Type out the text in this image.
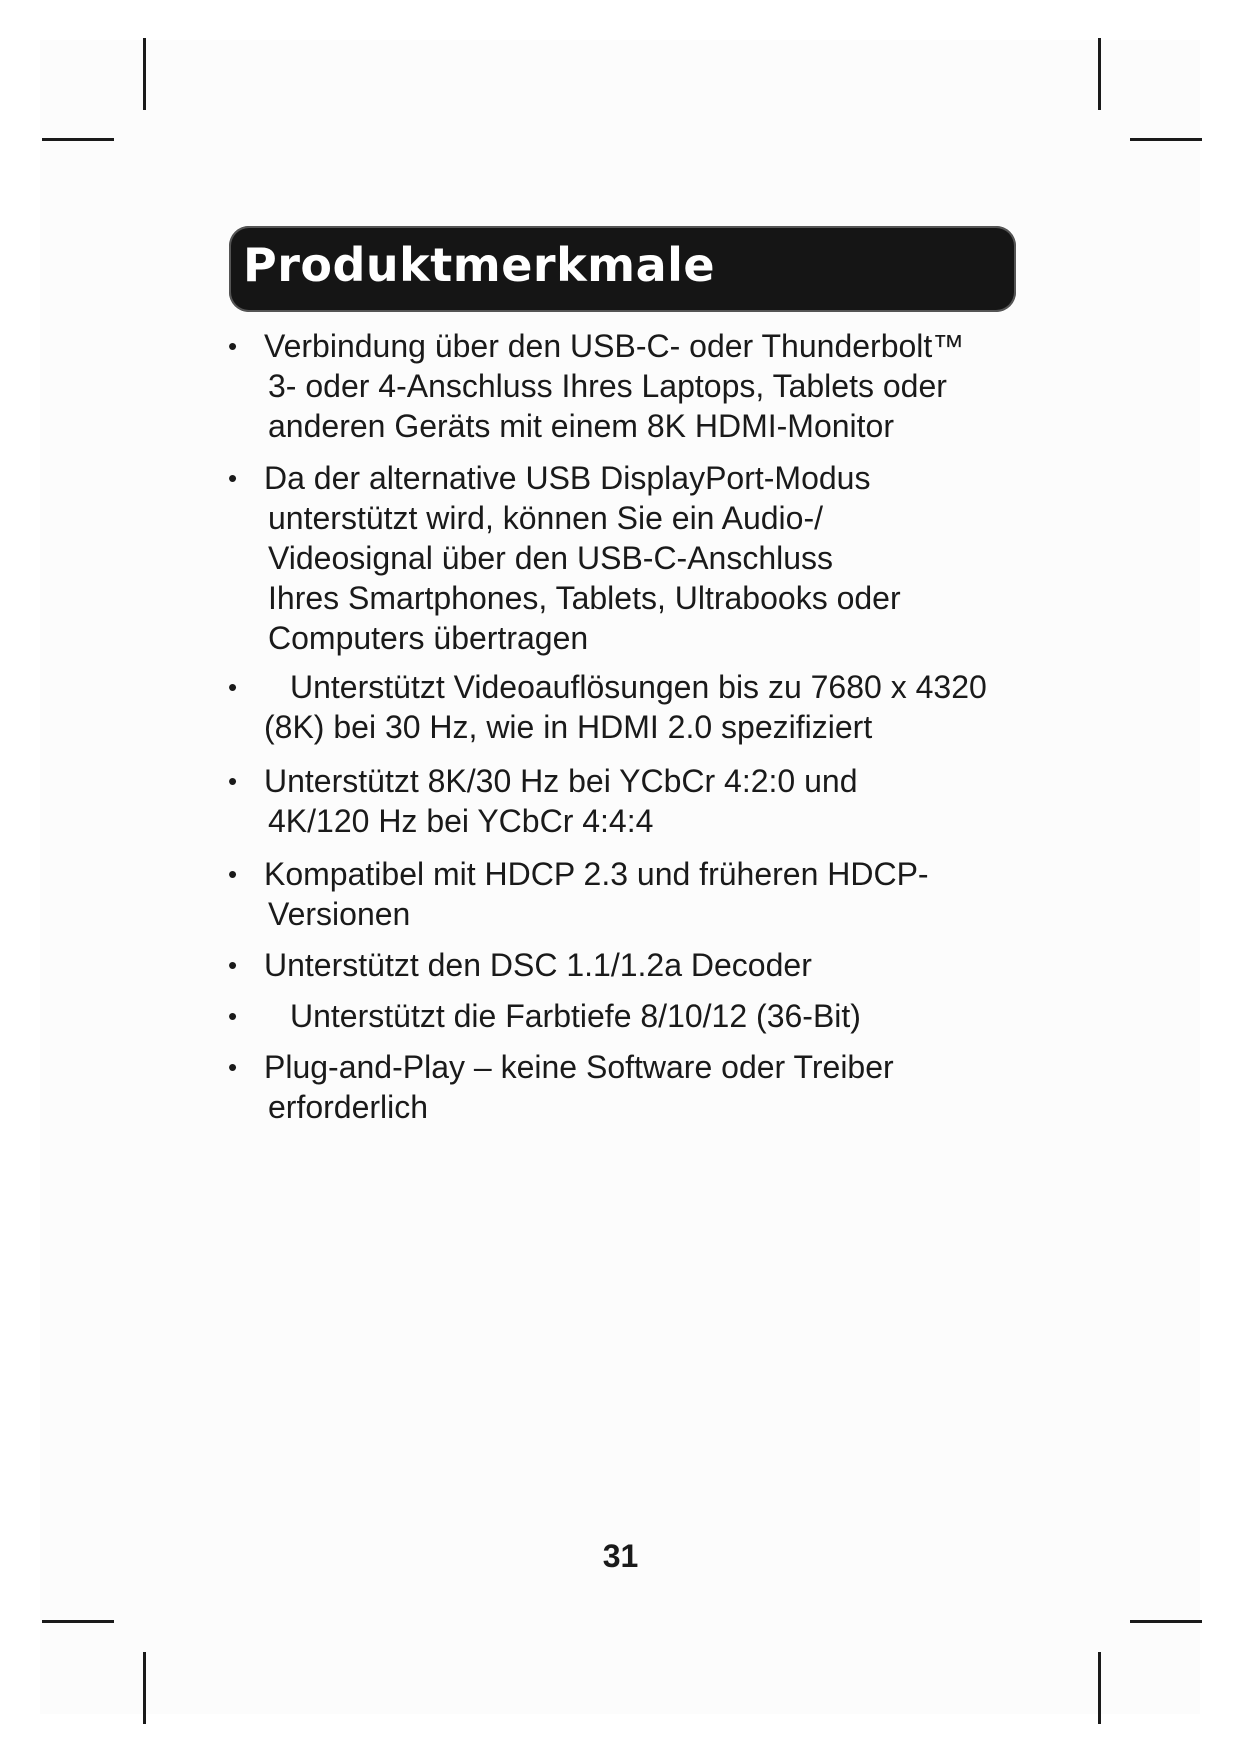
Produktmerkmale
• Verbindung über den USB-C- oder Thunderbolt™
3- oder 4-Anschluss Ihres Laptops, Tablets oder
anderen Geräts mit einem 8K HDMI-Monitor
• Da der alternative USB DisplayPort-Modus
unterstützt wird, können Sie ein Audio-/
Videosignal über den USB-C-Anschluss
Ihres Smartphones, Tablets, Ultrabooks oder
Computers übertragen
•	Unterstützt Videoauflösungen bis zu 7680 x 4320
(8K) bei 30 Hz, wie in HDMI 2.0 spezifiziert
• Unterstützt 8K/30 Hz bei YCbCr 4:2:0 und
4K/120 Hz bei YCbCr 4:4:4
• Kompatibel mit HDCP 2.3 und früheren HDCP-
Versionen
• Unterstützt den DSC 1.1/1.2a Decoder
•	Unterstützt die Farbtiefe 8/10/12 (36-Bit)
• Plug-and-Play – keine Software oder Treiber
erforderlich
31
